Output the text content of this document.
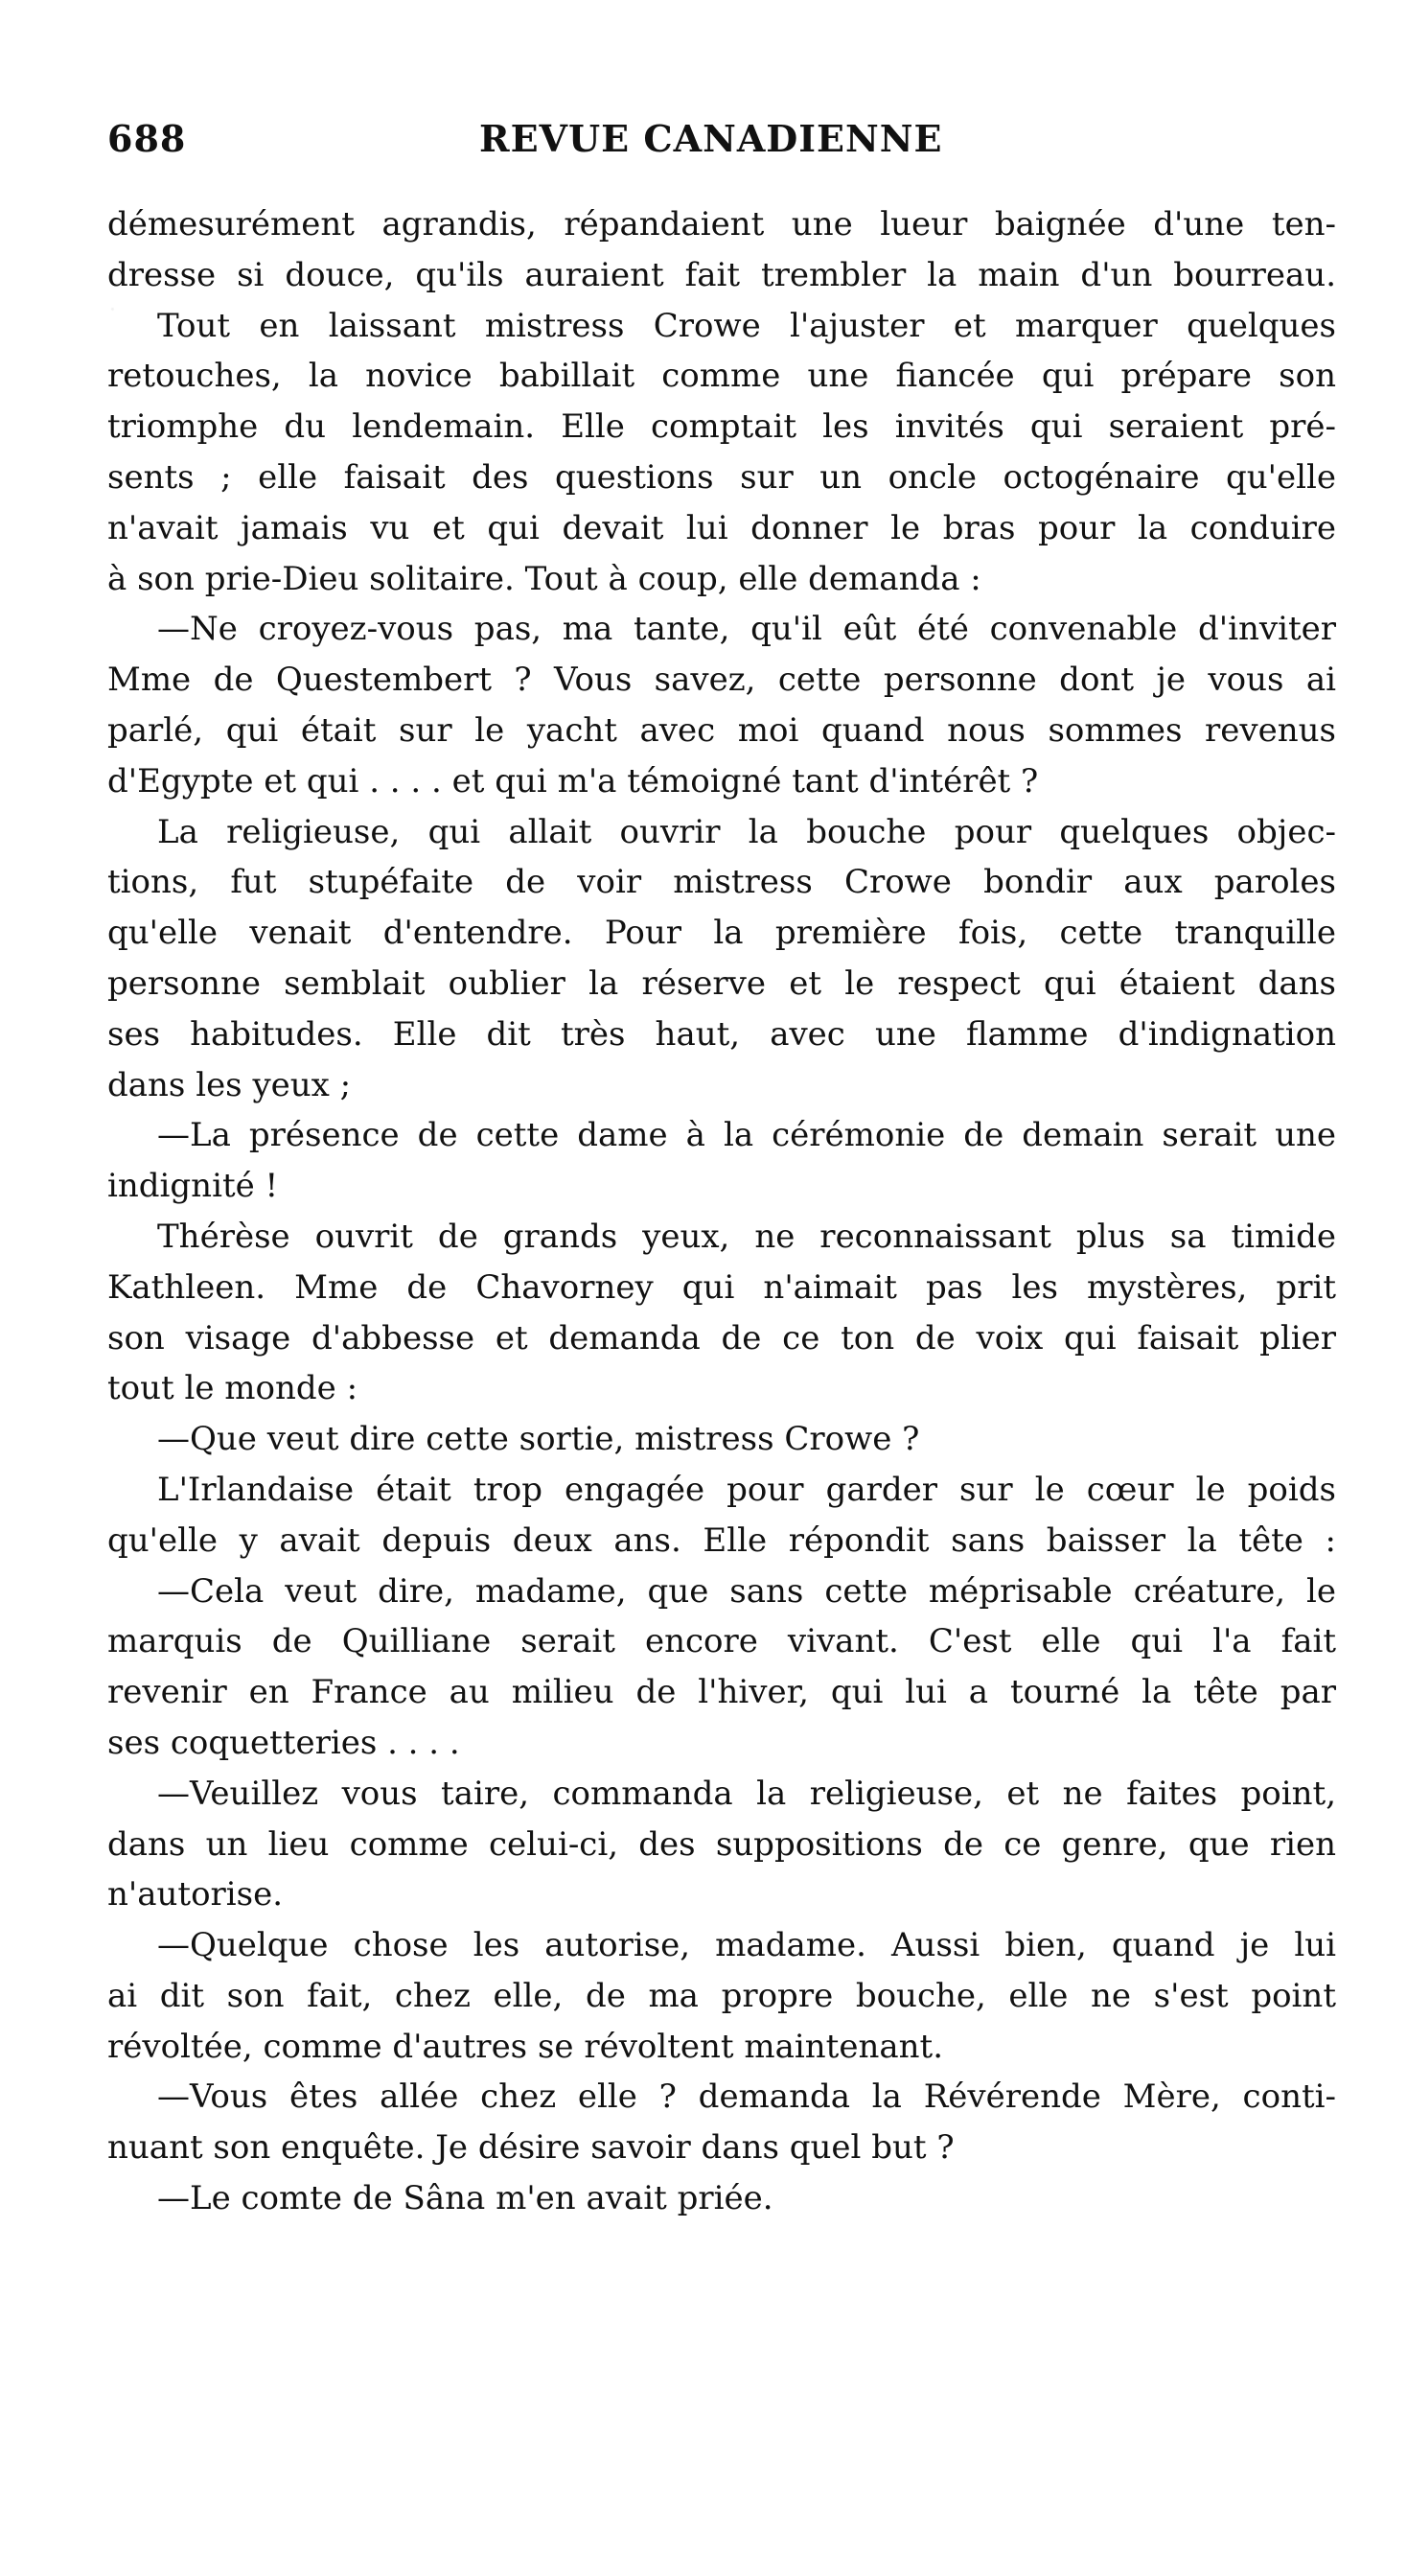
688	REVUE CANADIENNE
démesurément agrandis, répandaient une lueur baignée d'une ten-
dresse si douce, qu'ils auraient fait trembler la main d'un bourreau.
Tout en laissant mistress Crowe l'ajuster et marquer quelques
retouches, la novice babillait comme une fiancée qui prépare son
triomphe du lendemain. Elle comptait les invités qui seraient pré-
sents ; elle faisait des questions sur un oncle octogénaire qu'elle
n'avait jamais vu et qui devait lui donner le bras pour la conduire
à son prie-Dieu solitaire. Tout à coup, elle demanda :
—Ne croyez-vous pas, ma tante, qu'il eût été convenable d'inviter
Mme de Questembert ? Vous savez, cette personne dont je vous ai
parlé, qui était sur le yacht avec moi quand nous sommes revenus
d'Egypte et qui . . . . et qui m'a témoigné tant d'intérêt ?
La religieuse, qui allait ouvrir la bouche pour quelques objec-
tions, fut stupéfaite de voir mistress Crowe bondir aux paroles
qu'elle venait d'entendre. Pour la première fois, cette tranquille
personne semblait oublier la réserve et le respect qui étaient dans
ses habitudes. Elle dit très haut, avec une flamme d'indignation
dans les yeux ;
—La présence de cette dame à la cérémonie de demain serait une
indignité !
Thérèse ouvrit de grands yeux, ne reconnaissant plus sa timide
Kathleen. Mme de Chavorney qui n'aimait pas les mystères, prit
son visage d'abbesse et demanda de ce ton de voix qui faisait plier
tout le monde :
—Que veut dire cette sortie, mistress Crowe ?
L'Irlandaise était trop engagée pour garder sur le cœur le poids
qu'elle y avait depuis deux ans. Elle répondit sans baisser la tête :
—Cela veut dire, madame, que sans cette méprisable créature, le
marquis de Quilliane serait encore vivant. C'est elle qui l'a fait
revenir en France au milieu de l'hiver, qui lui a tourné la tête par
ses coquetteries . . . .
—Veuillez vous taire, commanda la religieuse, et ne faites point,
dans un lieu comme celui-ci, des suppositions de ce genre, que rien
n'autorise.
—Quelque chose les autorise, madame. Aussi bien, quand je lui
ai dit son fait, chez elle, de ma propre bouche, elle ne s'est point
révoltée, comme d'autres se révoltent maintenant.
—Vous êtes allée chez elle ? demanda la Révérende Mère, conti-
nuant son enquête. Je désire savoir dans quel but ?
—Le comte de Sâna m'en avait priée.
